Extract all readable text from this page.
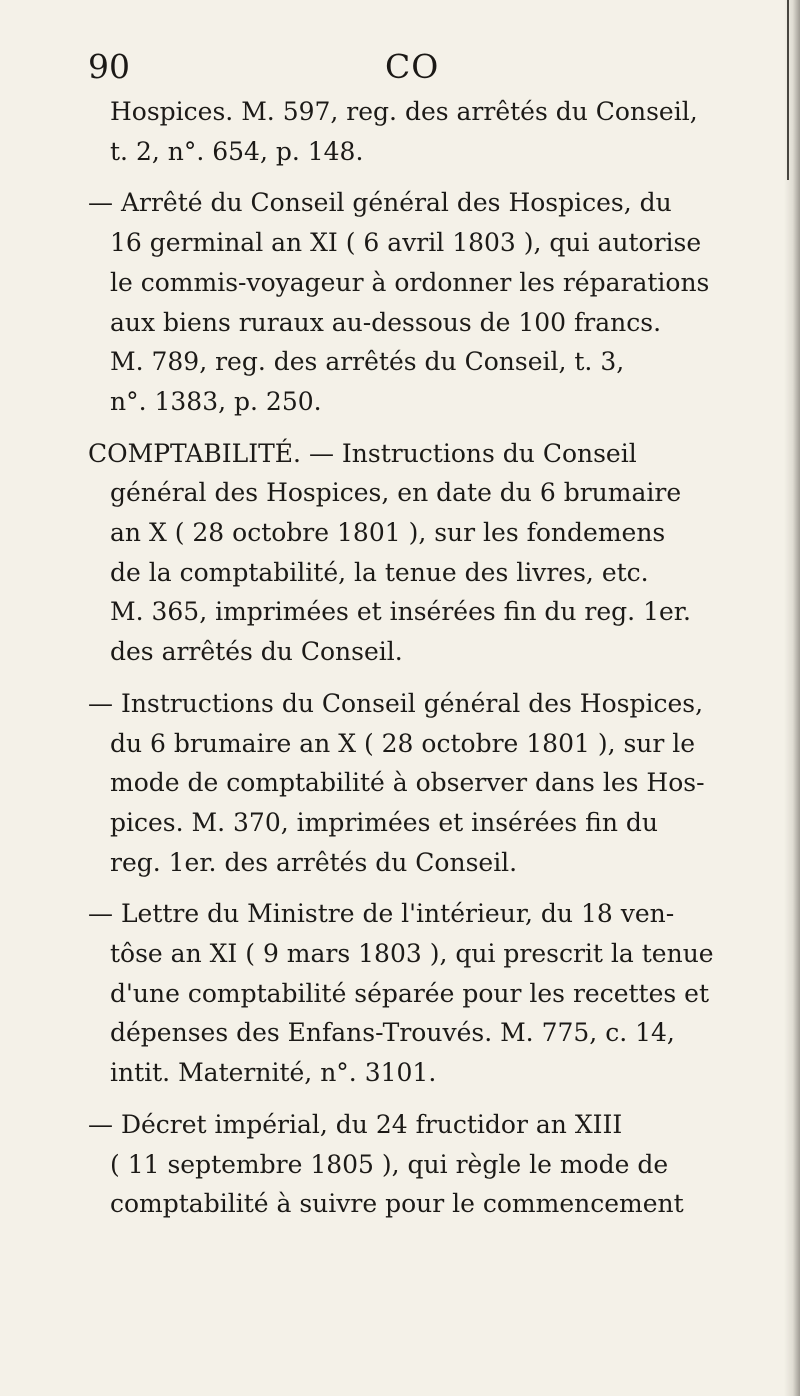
90	CO
Hospices. M. 597, reg. des arrêtés du Conseil,
t. 2, n°. 654, p. 148.
— Arrêté du Conseil général des Hospices, du
16 germinal an XI ( 6 avril 1803 ), qui autorise
le commis-voyageur à ordonner les réparations
aux biens ruraux au-dessous de 100 francs.
M. 789, reg. des arrêtés du Conseil, t. 3,
n°. 1383, p. 250.
COMPTABILITÉ. — Instructions du Conseil
général des Hospices, en date du 6 brumaire
an X ( 28 octobre 1801 ), sur les fondemens
de la comptabilité, la tenue des livres, etc.
M. 365, imprimées et insérées fin du reg. 1er.
des arrêtés du Conseil.
— Instructions du Conseil général des Hospices,
du 6 brumaire an X ( 28 octobre 1801 ), sur le
mode de comptabilité à observer dans les Hos-
pices. M. 370, imprimées et insérées fin du
reg. 1er. des arrêtés du Conseil.
— Lettre du Ministre de l'intérieur, du 18 ven-
tôse an XI ( 9 mars 1803 ), qui prescrit la tenue
d'une comptabilité séparée pour les recettes et
dépenses des Enfans-Trouvés. M. 775, c. 14,
intit. Maternité, n°. 3101.
— Décret impérial, du 24 fructidor an XIII
( 11 septembre 1805 ), qui règle le mode de
comptabilité à suivre pour le commencement
